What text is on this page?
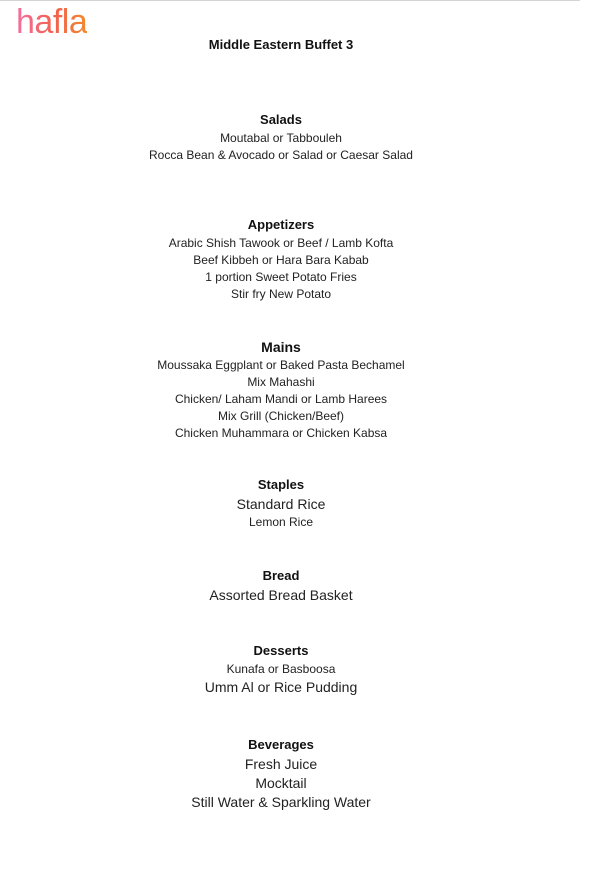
hafla
Middle Eastern Buffet 3
Salads
Moutabal or Tabbouleh
Rocca Bean & Avocado or Salad or Caesar Salad
Appetizers
Arabic Shish Tawook or Beef / Lamb Kofta
Beef Kibbeh or Hara Bara Kabab
1 portion Sweet Potato Fries
Stir fry New Potato
Mains
Moussaka Eggplant or Baked Pasta Bechamel
Mix Mahashi
Chicken/ Laham Mandi or Lamb Harees
Mix Grill (Chicken/Beef)
Chicken Muhammara or Chicken Kabsa
Staples
Standard Rice
Lemon Rice
Bread
Assorted Bread Basket
Desserts
Kunafa or Basboosa
Umm Al or Rice Pudding
Beverages
Fresh Juice
Mocktail
Still Water & Sparkling Water
